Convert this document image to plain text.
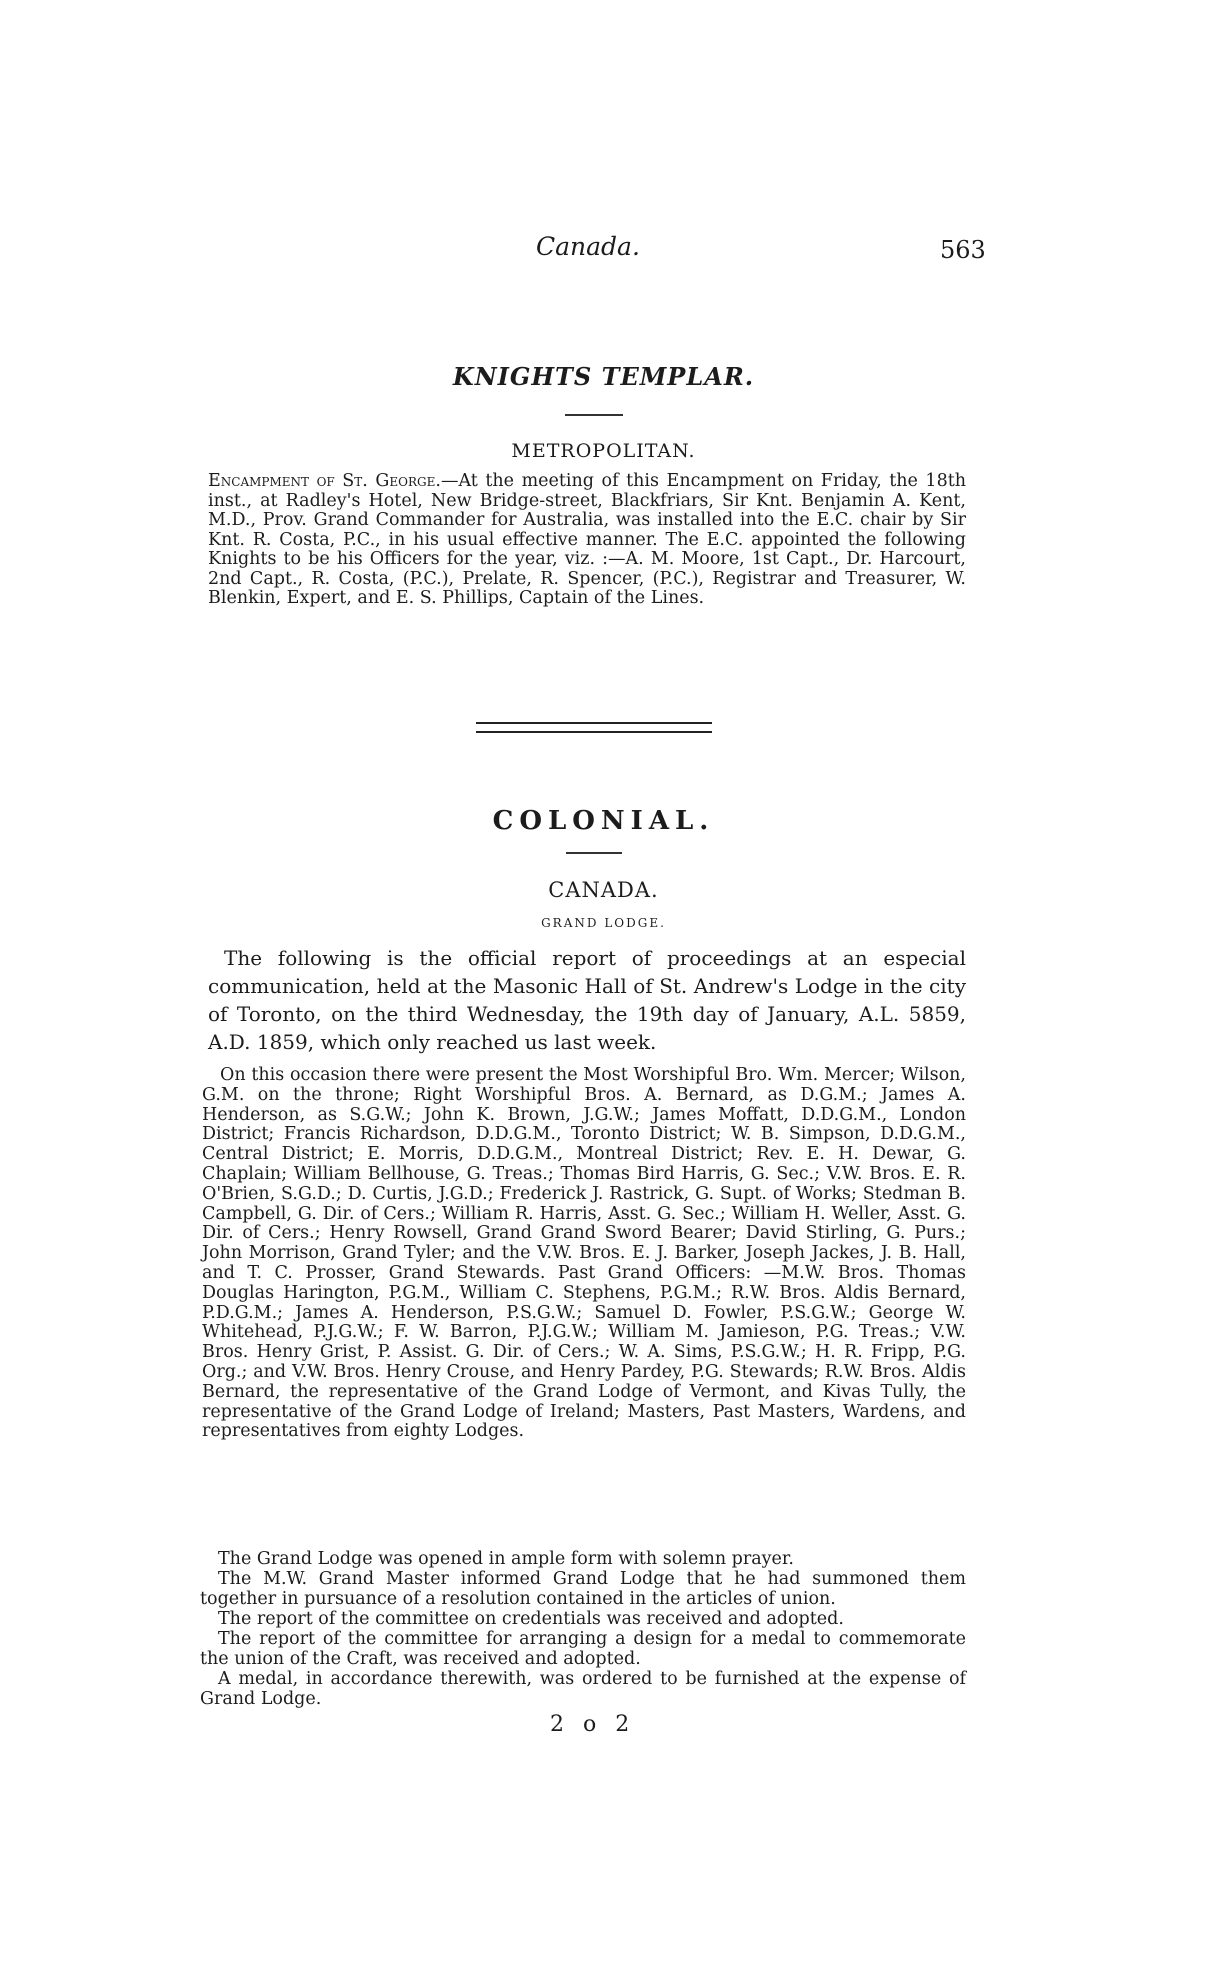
Canada.	563
KNIGHTS TEMPLAR.
METROPOLITAN.
Encampment of St. George.—At the meeting of this Encampment on Friday, the 18th inst., at Radley's Hotel, New Bridge-street, Blackfriars, Sir Knt. Benjamin A. Kent, M.D., Prov. Grand Commander for Australia, was installed into the E.C. chair by Sir Knt. R. Costa, P.C., in his usual effective manner. The E.C. appointed the following Knights to be his Officers for the year, viz. :—A. M. Moore, 1st Capt., Dr. Harcourt, 2nd Capt., R. Costa, (P.C.), Prelate, R. Spencer, (P.C.), Registrar and Treasurer, W. Blenkin, Expert, and E. S. Phillips, Captain of the Lines.
COLONIAL.
CANADA.
GRAND LODGE.
The following is the official report of proceedings at an especial communication, held at the Masonic Hall of St. Andrew's Lodge in the city of Toronto, on the third Wednesday, the 19th day of January, A.L. 5859, A.D. 1859, which only reached us last week.
On this occasion there were present the Most Worshipful Bro. Wm. Mercer; Wilson, G.M. on the throne; Right Worshipful Bros. A. Bernard, as D.G.M.; James A. Henderson, as S.G.W.; John K. Brown, J.G.W.; James Moffatt, D.D.G.M., London District; Francis Richardson, D.D.G.M., Toronto District; W. B. Simpson, D.D.G.M., Central District; E. Morris, D.D.G.M., Montreal District; Rev. E. H. Dewar, G. Chaplain; William Bellhouse, G. Treas.; Thomas Bird Harris, G. Sec.; V.W. Bros. E. R. O'Brien, S.G.D.; D. Curtis, J.G.D.; Frederick J. Rastrick, G. Supt. of Works; Stedman B. Campbell, G. Dir. of Cers.; William R. Harris, Asst. G. Sec.; William H. Weller, Asst. G. Dir. of Cers.; Henry Rowsell, Grand Grand Sword Bearer; David Stirling, G. Purs.; John Morrison, Grand Tyler; and the V.W. Bros. E. J. Barker, Joseph Jackes, J. B. Hall, and T. C. Prosser, Grand Stewards. Past Grand Officers: —M.W. Bros. Thomas Douglas Harington, P.G.M., William C. Stephens, P.G.M.; R.W. Bros. Aldis Bernard, P.D.G.M.; James A. Henderson, P.S.G.W.; Samuel D. Fowler, P.S.G.W.; George W. Whitehead, P.J.G.W.; F. W. Barron, P.J.G.W.; William M. Jamieson, P.G. Treas.; V.W. Bros. Henry Grist, P. Assist. G. Dir. of Cers.; W. A. Sims, P.S.G.W.; H. R. Fripp, P.G. Org.; and V.W. Bros. Henry Crouse, and Henry Pardey, P.G. Stewards; R.W. Bros. Aldis Bernard, the representative of the Grand Lodge of Vermont, and Kivas Tully, the representative of the Grand Lodge of Ireland; Masters, Past Masters, Wardens, and representatives from eighty Lodges.
The Grand Lodge was opened in ample form with solemn prayer.
The M.W. Grand Master informed Grand Lodge that he had summoned them together in pursuance of a resolution contained in the articles of union.
The report of the committee on credentials was received and adopted.
The report of the committee for arranging a design for a medal to commemorate the union of the Craft, was received and adopted.
A medal, in accordance therewith, was ordered to be furnished at the expense of Grand Lodge.
2 o 2
